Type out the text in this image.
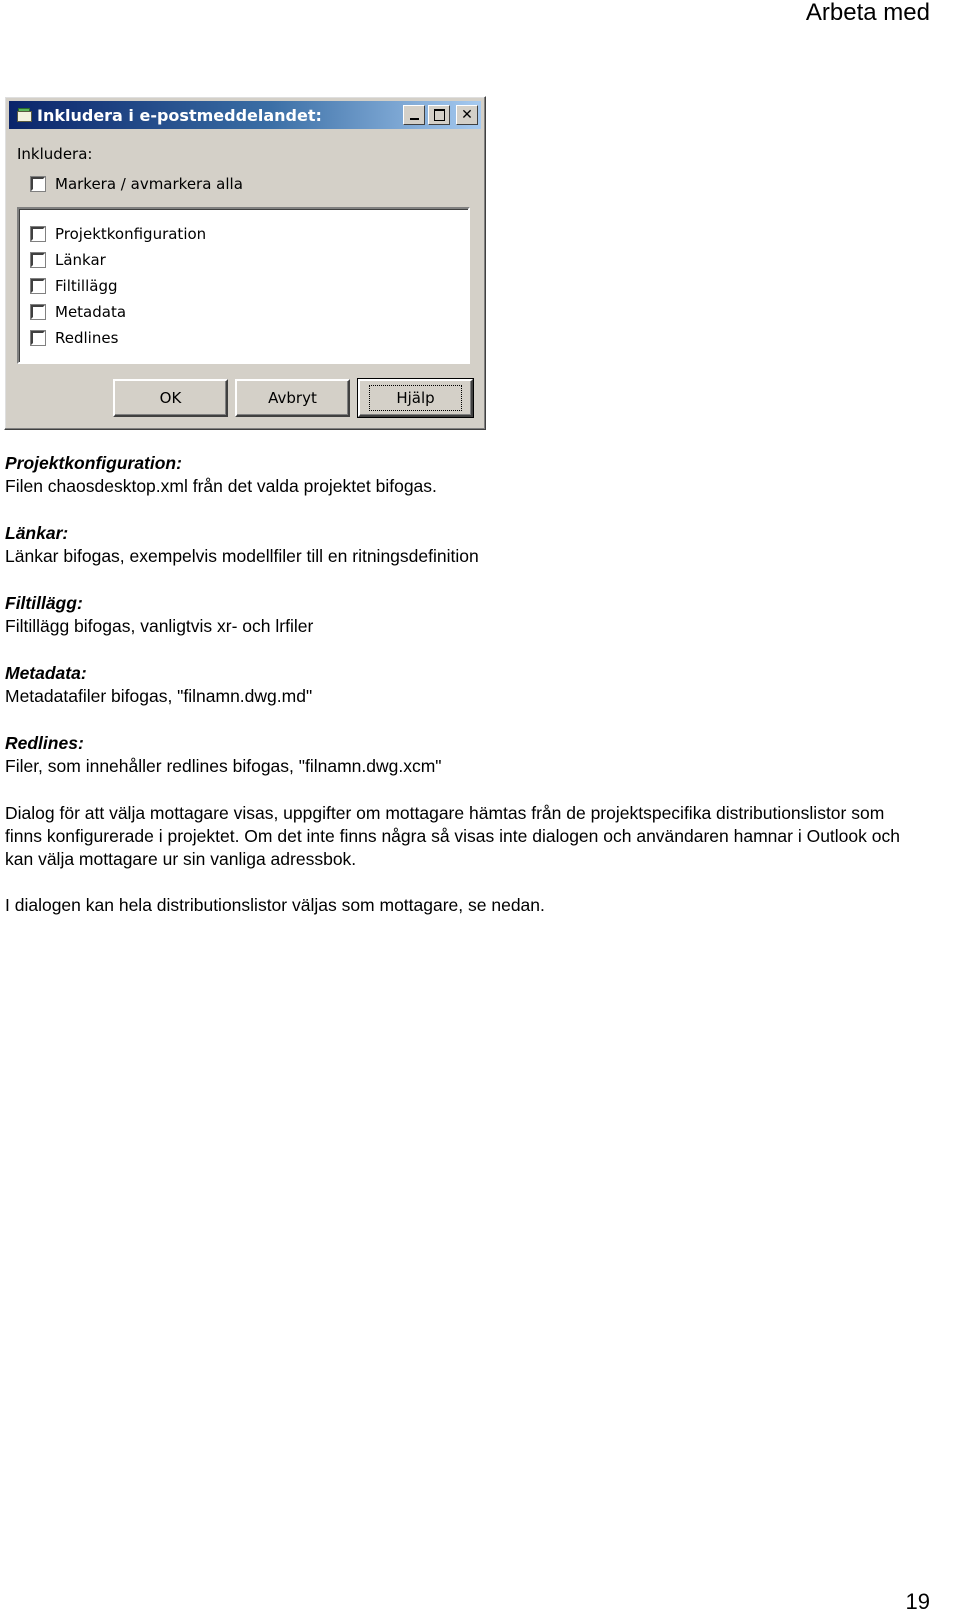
Arbeta med
Inkludera i e-postmeddelandet:	✕
Inkludera:
Markera / avmarkera alla
Projektkonfiguration
Länkar
Filtillägg
Metadata
Redlines
OK	Avbryt	Hjälp
Projektkonfiguration:
Filen chaosdesktop.xml från det valda projektet bifogas.
Länkar:
Länkar bifogas, exempelvis modellfiler till en ritningsdefinition
Filtillägg:
Filtillägg bifogas, vanligtvis xr- och lrfiler
Metadata:
Metadatafiler bifogas, "filnamn.dwg.md"
Redlines:
Filer, som innehåller redlines bifogas, "filnamn.dwg.xcm"

Dialog för att välja mottagare visas, uppgifter om mottagare hämtas från de projektspecifika distributionslistor som finns konfigurerade i projektet. Om det inte finns några så visas inte dialogen och användaren hamnar i Outlook och kan välja mottagare ur sin vanliga adressbok.

I dialogen kan hela distributionslistor väljas som mottagare, se nedan.

19
